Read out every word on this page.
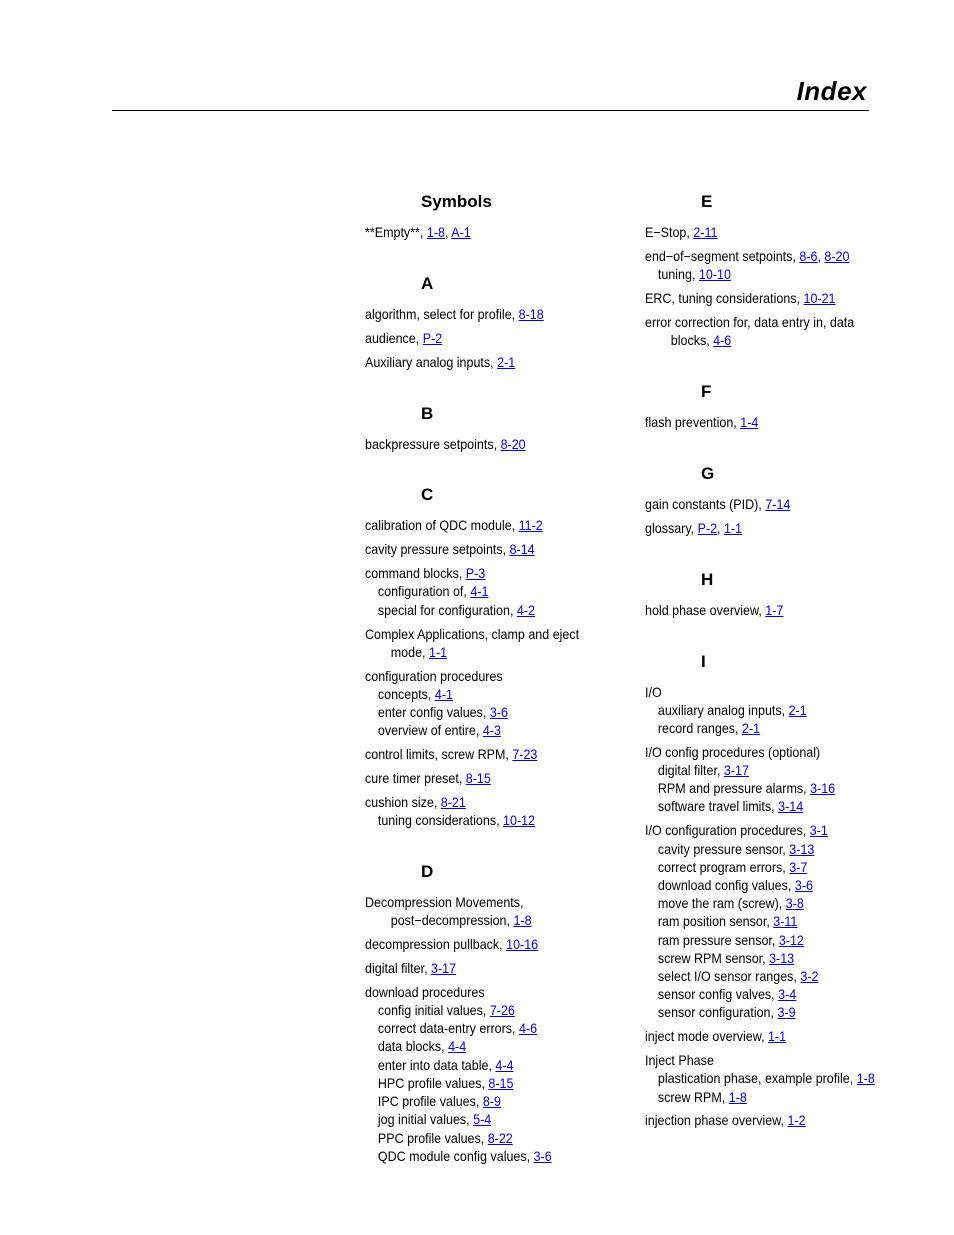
Index
Symbols
**Empty**, 1-8, A-1
A
algorithm, select for profile, 8-18
audience, P-2
Auxiliary analog inputs, 2-1
B
backpressure setpoints, 8-20
C
calibration of QDC module, 11-2
cavity pressure setpoints, 8-14
command blocks, P-3
configuration of, 4-1
special for configuration, 4-2
Complex Applications, clamp and eject
mode, 1-1
configuration procedures
concepts, 4-1
enter config values, 3-6
overview of entire, 4-3
control limits, screw RPM, 7-23
cure timer preset, 8-15
cushion size, 8-21
tuning considerations, 10-12
D
Decompression Movements,
post−decompression, 1-8
decompression pullback, 10-16
digital filter, 3-17
download procedures
config initial values, 7-26
correct data-entry errors, 4-6
data blocks, 4-4
enter into data table, 4-4
HPC profile values, 8-15
IPC profile values, 8-9
jog initial values, 5-4
PPC profile values, 8-22
QDC module config values, 3-6
E
E−Stop, 2-11
end−of−segment setpoints, 8-6, 8-20
tuning, 10-10
ERC, tuning considerations, 10-21
error correction for, data entry in, data
blocks, 4-6
F
flash prevention, 1-4
G
gain constants (PID), 7-14
glossary, P-2, 1-1
H
hold phase overview, 1-7
I
I/O
auxiliary analog inputs, 2-1
record ranges, 2-1
I/O config procedures (optional)
digital filter, 3-17
RPM and pressure alarms, 3-16
software travel limits, 3-14
I/O configuration procedures, 3-1
cavity pressure sensor, 3-13
correct program errors, 3-7
download config values, 3-6
move the ram (screw), 3-8
ram position sensor, 3-11
ram pressure sensor, 3-12
screw RPM sensor, 3-13
select I/O sensor ranges, 3-2
sensor config valves, 3-4
sensor configuration, 3-9
inject mode overview, 1-1
Inject Phase
plastication phase, example profile, 1-8
screw RPM, 1-8
injection phase overview, 1-2
